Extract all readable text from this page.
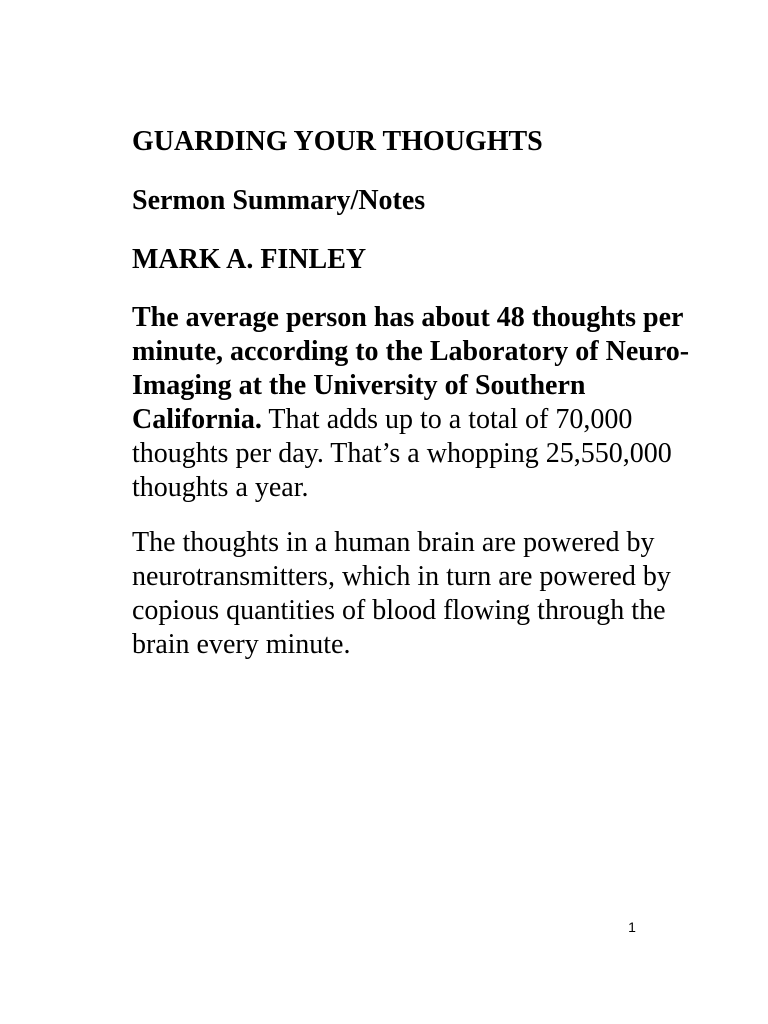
GUARDING YOUR THOUGHTS
Sermon Summary/Notes
MARK A. FINLEY

The average person has about 48 thoughts per minute, according to the Laboratory of Neuro- Imaging at the University of Southern California. That adds up to a total of 70,000 thoughts per day. That’s a whopping 25,550,000 thoughts a year.

The thoughts in a human brain are powered by neurotransmitters, which in turn are powered by copious quantities of blood flowing through the brain every minute.

1
